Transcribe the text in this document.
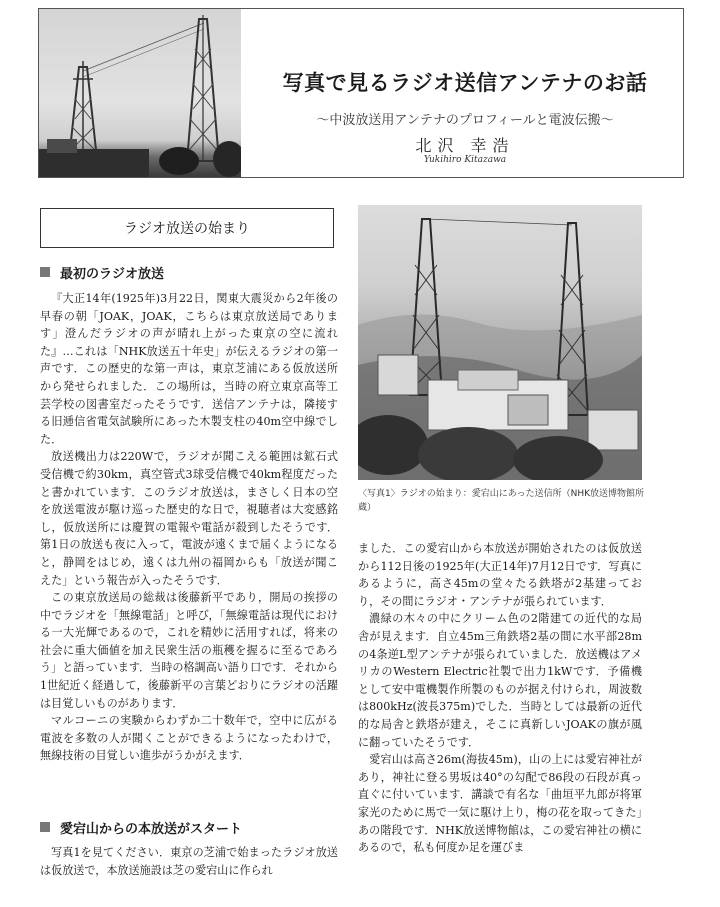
写真で見るラジオ送信アンテナのお話
〜中波放送用アンテナのプロフィールと電波伝搬〜
北沢 幸浩
Yukihiro Kitazawa
ラジオ放送の始まり
最初のラジオ放送

『大正14年(1925年)3月22日，関東大震災から2年後の早春の朝「JOAK，JOAK，こちらは東京放送局であります」澄んだラジオの声が晴れ上がった東京の空に流れた』…これは「NHK放送五十年史」が伝えるラジオの第一声です．この歴史的な第一声は，東京芝浦にある仮放送所から発せられました．この場所は，当時の府立東京高等工芸学校の図書室だったそうです．送信アンテナは，隣接する旧逓信省電気試験所にあった木製支柱の40m空中線でした．

放送機出力は220Wで，ラジオが聞こえる範囲は鉱石式受信機で約30km，真空管式3球受信機で40km程度だったと書かれています．このラジオ放送は，まさしく日本の空を放送電波が駆け巡った歴史的な日で，視聴者は大変感銘し，仮放送所には慶賀の電報や電話が殺到したそうです．第1日の放送も夜に入って，電波が遠くまで届くようになると，静岡をはじめ，遠くは九州の福岡からも「放送が聞こえた」という報告が入ったそうです．

この東京放送局の総裁は後藤新平であり，開局の挨拶の中でラジオを「無線電話」と呼び，「無線電話は現代における一大光輝であるので，これを精妙に活用すれば，将来の社会に重大価値を加え民衆生活の瓶穫を握るに至るであろう」と語っています．当時の格調高い語り口です．それから1世紀近く経過して，後藤新平の言葉どおりにラジオの活躍は目覚しいものがあります．

マルコーニの実験からわずか二十数年で，空中に広がる電波を多数の人が聞くことができるようになったわけで，無線技術の目覚しい進歩がうかがえます．

愛宕山からの本放送がスタート

写真1を見てください．東京の芝浦で始まったラジオ放送は仮放送で，本放送施設は芝の愛宕山に作られ

〈写真1〉ラジオの始まり：愛宕山にあった送信所（NHK放送博物館所蔵）

ました．この愛宕山から本放送が開始されたのは仮放送から112日後の1925年(大正14年)7月12日です．写真にあるように，高さ45mの堂々たる鉄塔が2基建っており，その間にラジオ・アンテナが張られています．

濃緑の木々の中にクリーム色の2階建ての近代的な局舎が見えます．自立45m三角鉄塔2基の間に水平部28mの4条逆L型アンテナが張られていました．放送機はアメリカのWestern Electric社製で出力1kWです．予備機として安中電機製作所製のものが据え付けられ，周波数は800kHz(波長375m)でした．当時としては最新の近代的な局舎と鉄塔が建え，そこに真新しいJOAKの旗が風に翻っていたそうです．

愛宕山は高さ26m(海抜45m)，山の上には愛宕神社があり，神社に登る男坂は40°の勾配で86段の石段が真っ直ぐに付いています．講談で有名な「曲垣平九郎が将軍家光のために馬で一気に駆け上り，梅の花を取ってきた」あの階段です．NHK放送博物館は，この愛宕神社の横にあるので，私も何度か足を運びま
